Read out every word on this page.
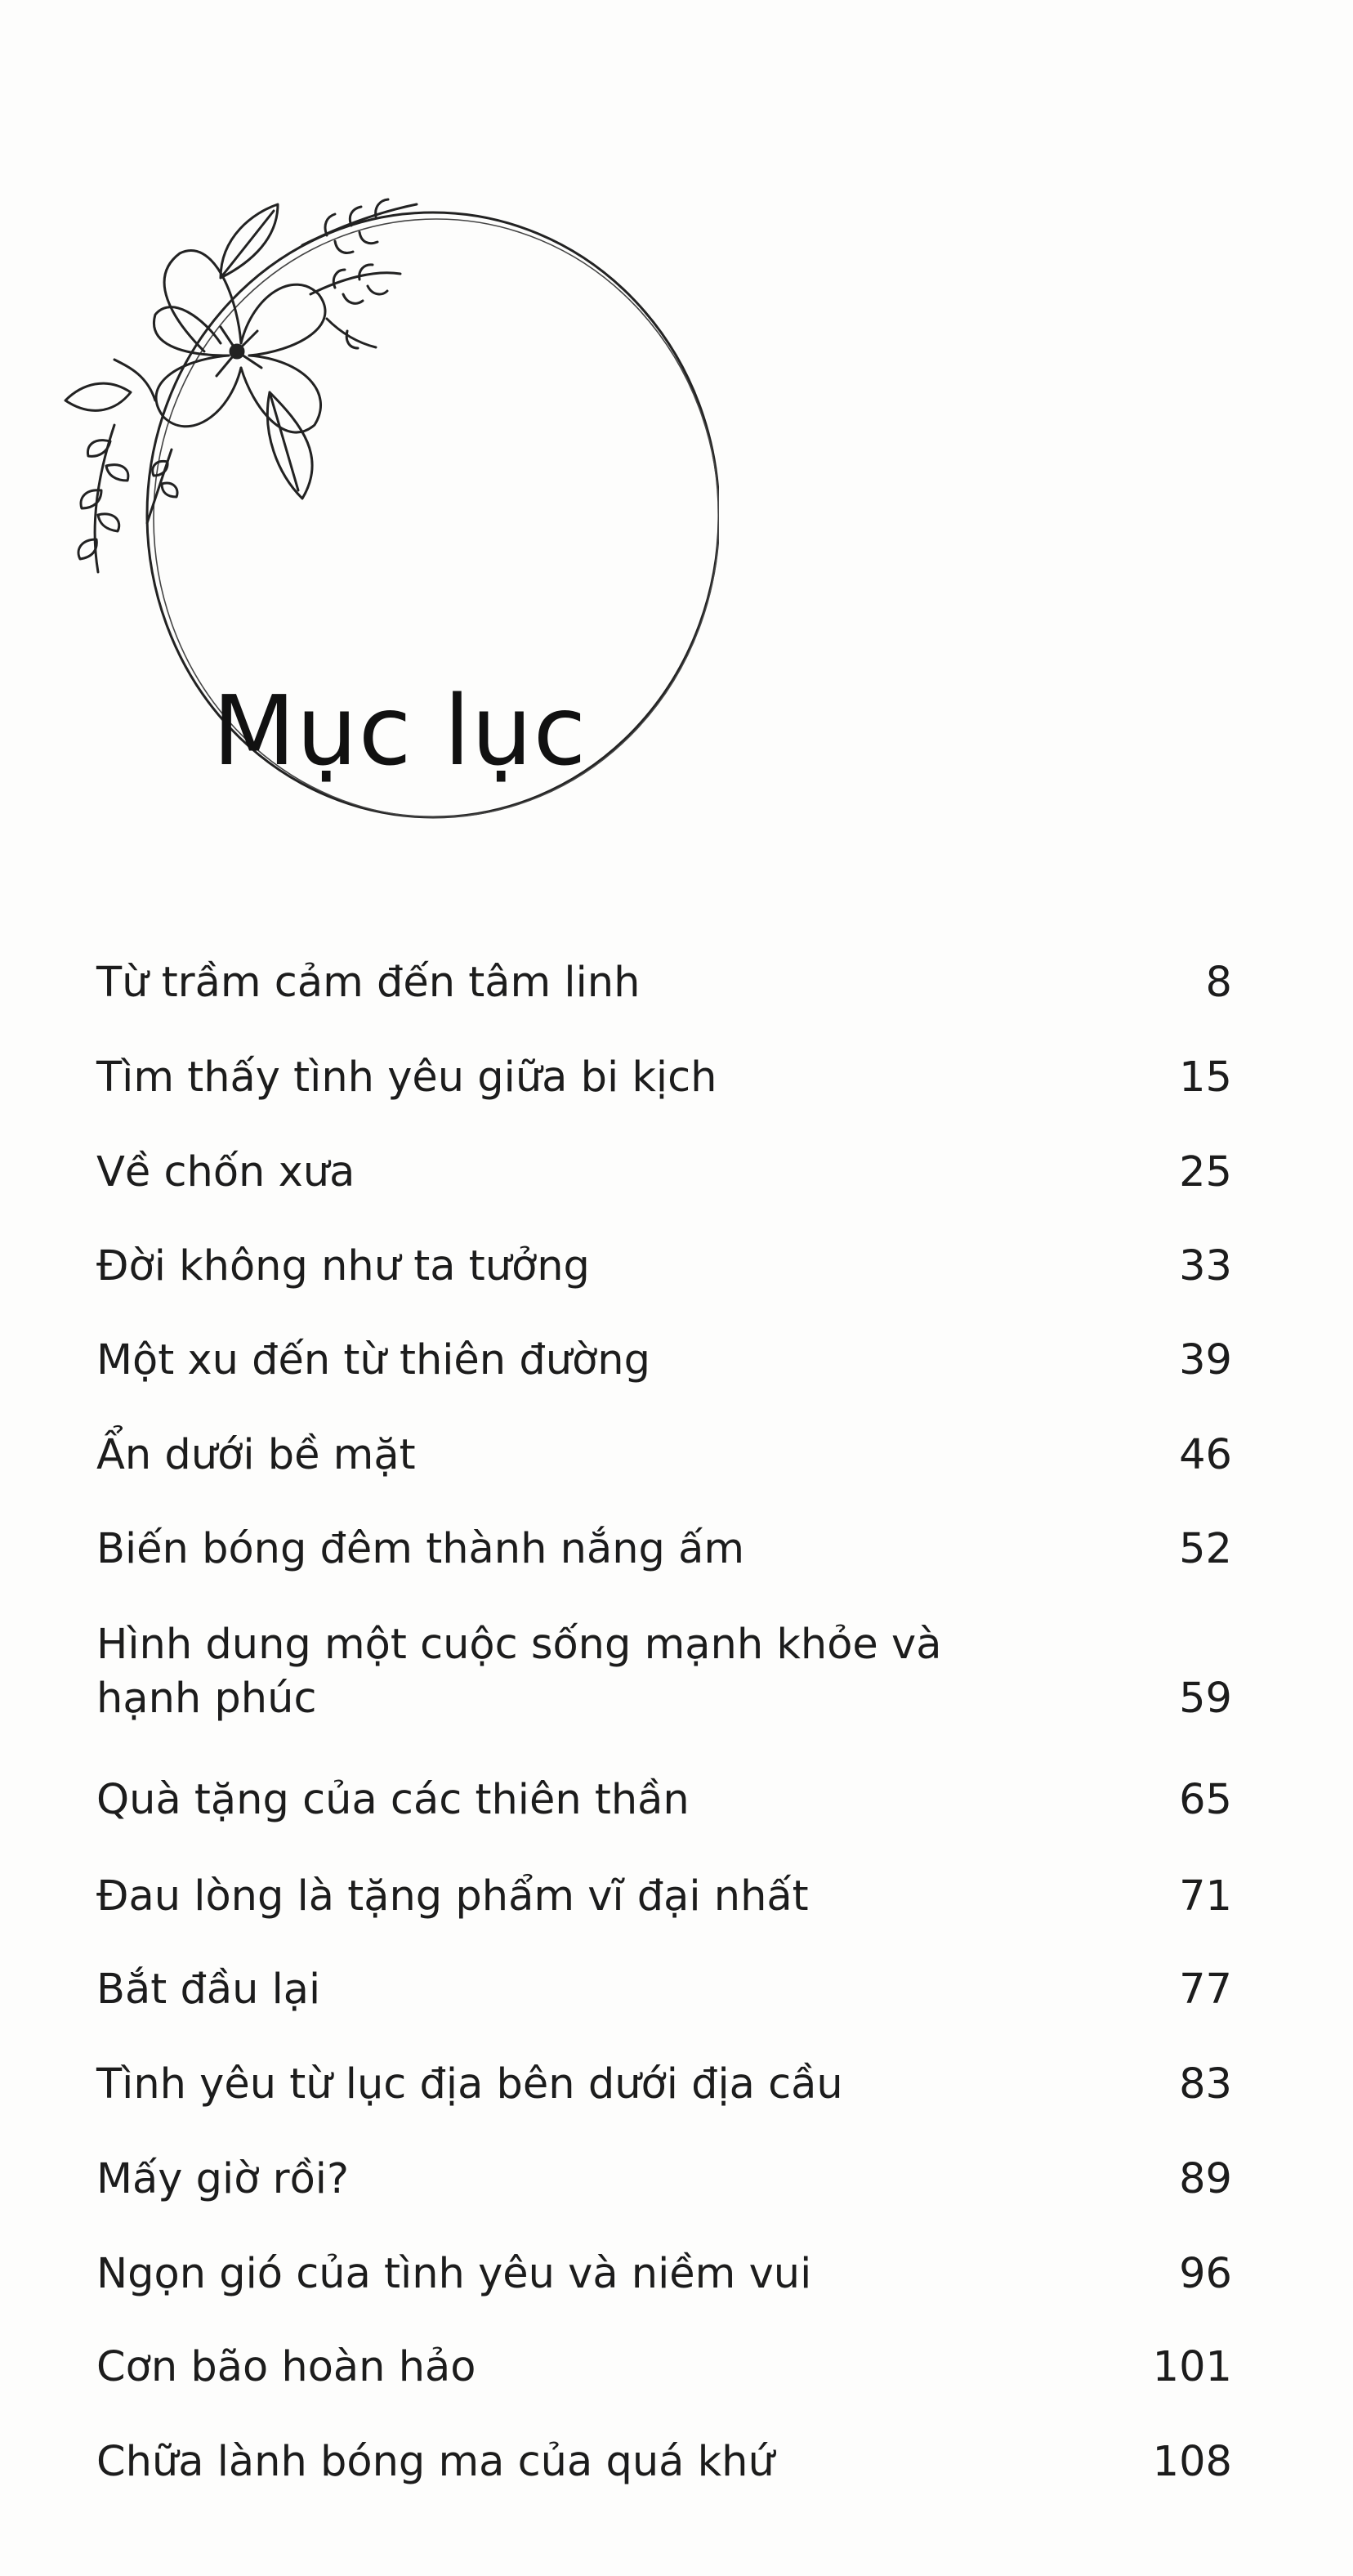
Mục lục
Từ trầm cảm đến tâm linh	8
Tìm thấy tình yêu giữa bi kịch	15
Về chốn xưa	25
Đời không như ta tưởng	33
Một xu đến từ thiên đường	39
Ẩn dưới bề mặt	46
Biến bóng đêm thành nắng ấm	52
Hình dung một cuộc sống mạnh khỏe và hạnh phúc	59
Quà tặng của các thiên thần	65
Đau lòng là tặng phẩm vĩ đại nhất	71
Bắt đầu lại	77
Tình yêu từ lục địa bên dưới địa cầu	83
Mấy giờ rồi?	89
Ngọn gió của tình yêu và niềm vui	96
Cơn bão hoàn hảo	101
Chữa lành bóng ma của quá khứ	108
